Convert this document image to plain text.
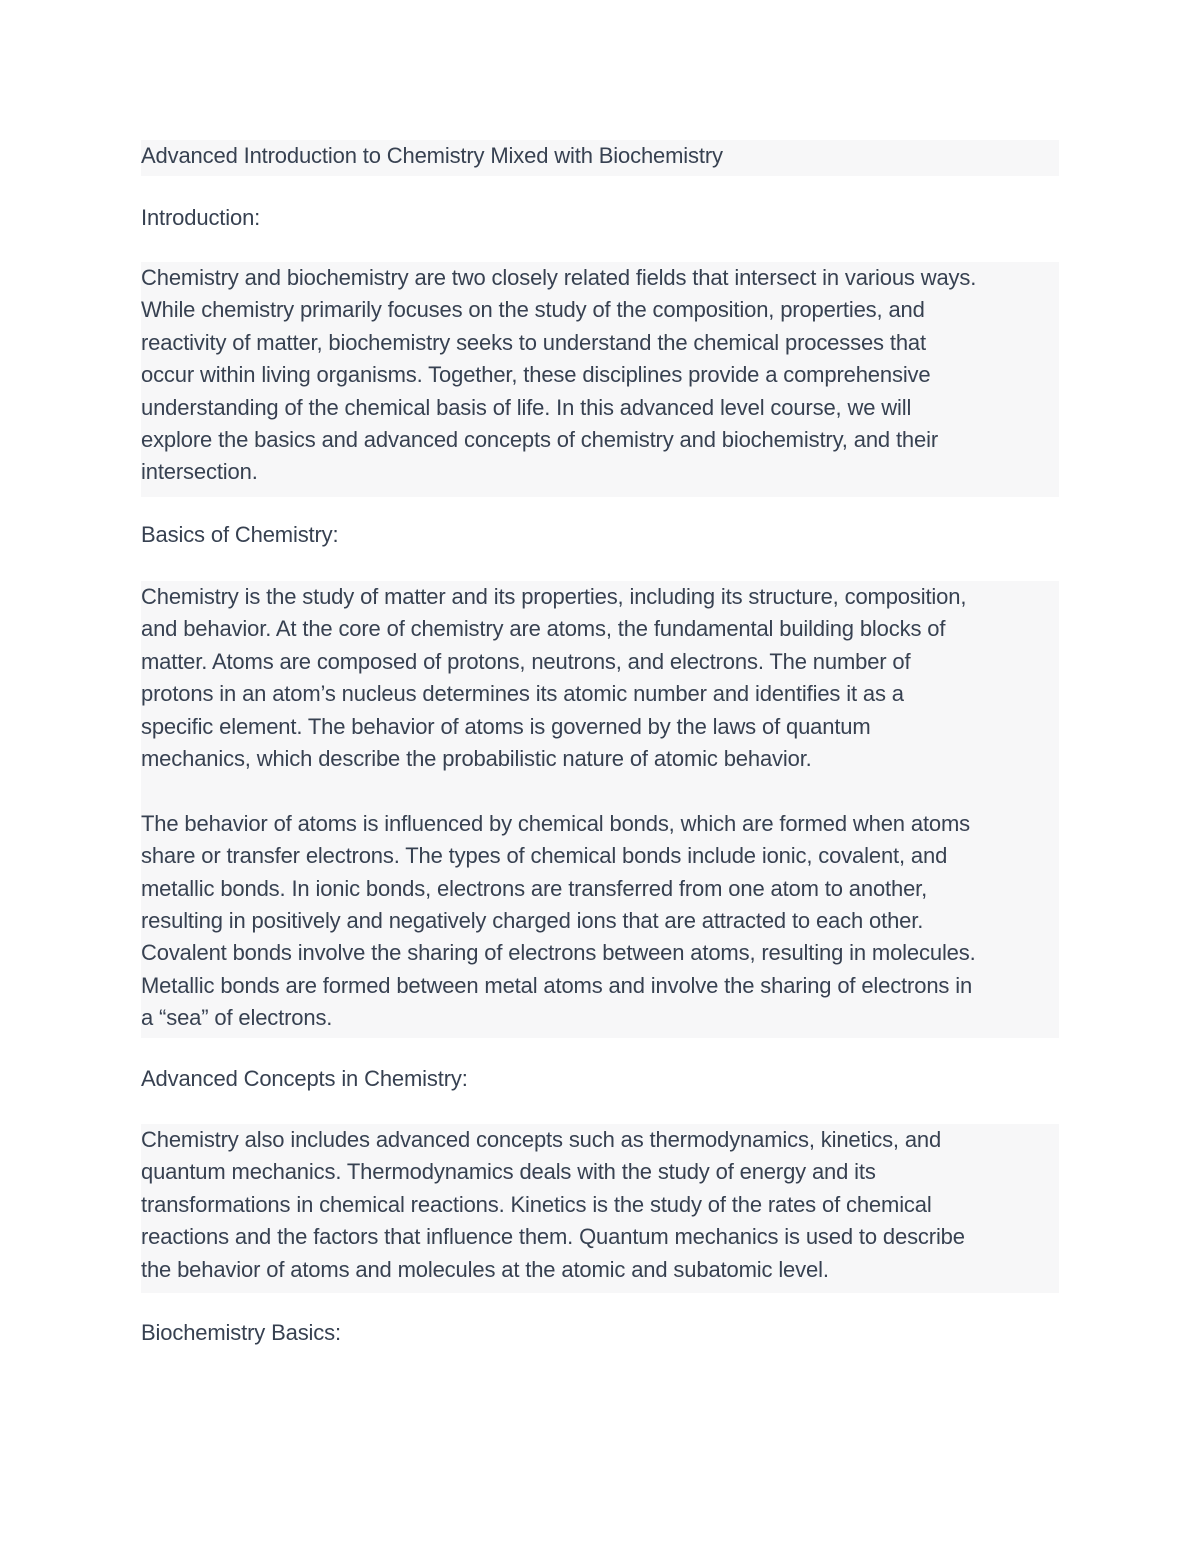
Advanced Introduction to Chemistry Mixed with Biochemistry
Introduction:
Chemistry and biochemistry are two closely related fields that intersect in various ways.
While chemistry primarily focuses on the study of the composition, properties, and
reactivity of matter, biochemistry seeks to understand the chemical processes that
occur within living organisms. Together, these disciplines provide a comprehensive
understanding of the chemical basis of life. In this advanced level course, we will
explore the basics and advanced concepts of chemistry and biochemistry, and their
intersection.
Basics of Chemistry:
Chemistry is the study of matter and its properties, including its structure, composition,
and behavior. At the core of chemistry are atoms, the fundamental building blocks of
matter. Atoms are composed of protons, neutrons, and electrons. The number of
protons in an atom’s nucleus determines its atomic number and identifies it as a
specific element. The behavior of atoms is governed by the laws of quantum
mechanics, which describe the probabilistic nature of atomic behavior.
The behavior of atoms is influenced by chemical bonds, which are formed when atoms
share or transfer electrons. The types of chemical bonds include ionic, covalent, and
metallic bonds. In ionic bonds, electrons are transferred from one atom to another,
resulting in positively and negatively charged ions that are attracted to each other.
Covalent bonds involve the sharing of electrons between atoms, resulting in molecules.
Metallic bonds are formed between metal atoms and involve the sharing of electrons in
a “sea” of electrons.
Advanced Concepts in Chemistry:
Chemistry also includes advanced concepts such as thermodynamics, kinetics, and
quantum mechanics. Thermodynamics deals with the study of energy and its
transformations in chemical reactions. Kinetics is the study of the rates of chemical
reactions and the factors that influence them. Quantum mechanics is used to describe
the behavior of atoms and molecules at the atomic and subatomic level.
Biochemistry Basics:
